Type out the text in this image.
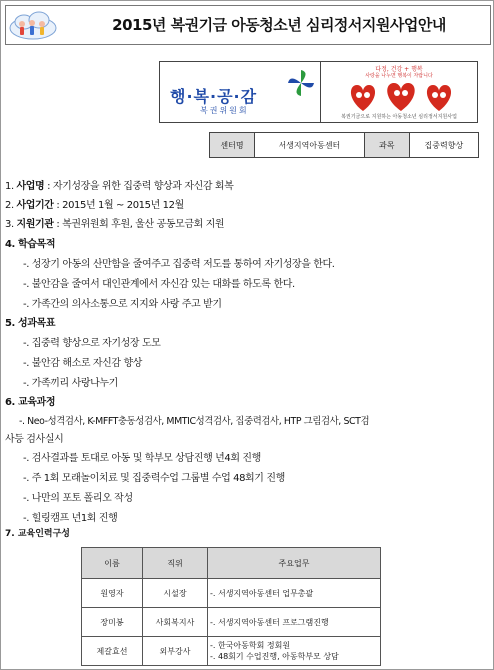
2015년 복권기금 아동청소년 심리정서지원사업안내
행·복·공·감
복권위원회
다정, 건강 + 행복
사랑을 나누면 행복이 자랍니다
복권기금으로 지원하는 아동청소년 심리정서지원사업
센터명	서생지역아동센터	과목	집중력향상
1. 사업명 : 자기성장을 위한 집중력 향상과 자신감 회복
2. 사업기간 : 2015년 1월 ~ 2015년 12월
3. 지원기관 : 복권위원회 후원, 울산 공동모금회 지원
4. 학습목적
-. 성장기 아동의 산만함을 줄여주고 집중력 저도를 통하여 자기성장을 한다.
-. 불안감을 줄여서 대인관계에서 자신감 있는 대화를 하도록 한다.
-. 가족간의 의사소통으로 지지와 사랑 주고 받기
5. 성과목표
-. 집중력 향상으로 자기성장 도모
-. 불안감 해소로 자신감 향상
-. 가족끼리 사랑나누기
6. 교육과정
-. Neo-성격검사, K-MFFT충동성검사, MMTIC성격검사, 집중력검사, HTP 그림검사, SCT검
사등 검사실시
-. 검사결과를 토대로 아동 및 학부모 상담진행 년4회 진행
-. 주 1회 모래놀이치료 및 집중력수업 그룹별 수업 48회기 진행
-. 나만의 포토 폴리오 작성
-. 힐링캠프 년1회 진행
7. 교육인력구성
이름	직위	주요업무
원영자	시설장	-. 서생지역아동센터 업무총괄
장미봉	사회복지사	-. 서생지역아동센터 프로그램진행
제갈효선	외부강사	-. 한국아동학회 정회원
-. 48회기 수업진행, 아동학부모 상담
